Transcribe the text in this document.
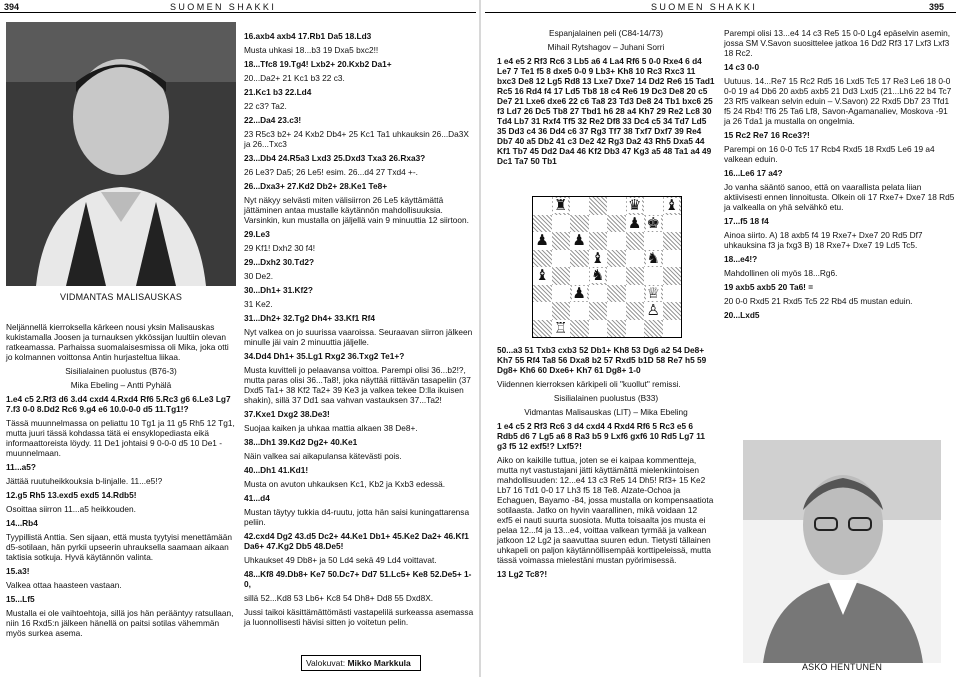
394	SUOMEN SHAKKI
VIDMANTAS MALISAUSKAS

Neljännellä kierroksella kärkeen nousi yksin Malisauskas kukistamalla Joosen ja turnauksen ykkössijan luultiin olevan ratkeamassa. Parhaissa suomalaisesmissa oli Mika, joka otti jo kolmannen voittonsa Antin hurjasteltua liikaa.

Sisilialainen puolustus (B76-3)

Mika Ebeling – Antti Pyhälä

1.e4 c5 2.Rf3 d6 3.d4 cxd4 4.Rxd4 Rf6 5.Rc3 g6 6.Le3 Lg7 7.f3 0-0 8.Dd2 Rc6 9.g4 e6 10.0-0-0 d5 11.Tg1!?

Tässä muunnelmassa on peliattu 10 Tg1 ja 11 g5 Rh5 12 Tg1, mutta juuri tässä kohdassa tätä ei ensyklopediasta eikä informaattoreista löydy. 11 De1 johtaisi 9 0-0-0 d5 10 De1 -muunnelmaan.

11...a5?

Jättää ruutuheikkouksia b-linjalle. 11...e5!?

12.g5 Rh5 13.exd5 exd5 14.Rdb5!

Osoittaa siirron 11...a5 heikkouden.

14...Rb4

Tyypillistä Anttia. Sen sijaan, että musta tyytyisi menettämään d5-sotilaan, hän pyrkii upseerin uhrauksella saamaan aikaan taktisia sotkuja. Hyvä käytännön valinta.

15.a3!

Valkea ottaa haasteen vastaan.

15...Lf5

Mustalla ei ole vaihtoehtoja, sillä jos hän perääntyy ratsullaan, niin 16 Rxd5:n jälkeen hänellä on paitsi sotilas vähemmän myös surkea asema.

16.axb4 axb4 17.Rb1 Da5 18.Ld3

Musta uhkasi 18...b3 19 Dxa5 bxc2!!

18...Tfc8 19.Tg4! Lxb2+ 20.Kxb2 Da1+

20...Da2+ 21 Kc1 b3 22 c3.

21.Kc1 b3 22.Ld4

22 c3? Ta2.

22...Da4 23.c3!

23 R5c3 b2+ 24 Kxb2 Db4+ 25 Kc1 Ta1 uhkauksin 26...Da3X ja 26...Txc3

23...Db4 24.R5a3 Lxd3 25.Dxd3 Txa3 26.Rxa3?

26 Le3? Da5; 26 Le5! esim. 26...d4 27 Txd4 +-.

26...Dxa3+ 27.Kd2 Db2+ 28.Ke1 Te8+

Nyt näkyy selvästi miten välisiirron 26 Le5 käyttämättä jättäminen antaa mustalle käytännön mahdollisuuksia. Varsinkin, kun mustalla on jäljellä vain 9 minuuttia 12 siirtoon.

29.Le3

29 Kf1! Dxh2 30 f4!

29...Dxh2 30.Td2?

30 De2.

30...Dh1+ 31.Kf2?

31 Ke2.

31...Dh2+ 32.Tg2 Dh4+ 33.Kf1 Rf4

Nyt valkea on jo suurissa vaaroissa. Seuraavan siirron jälkeen minulle jäi vain 2 minuuttia jäljelle.

34.Dd4 Dh1+ 35.Lg1 Rxg2 36.Txg2 Te1+?

Musta kuvitteli jo pelaavansa voittoa. Parempi olisi 36...b2!?, mutta paras olisi 36...Ta8!, joka näyttää riittävän tasapeliin (37 Dxd5 Ta1+ 38 Kf2 Ta2+ 39 Ke3 ja valkea tekee D:lla ikuisen shakin), sillä 37 Dd1 saa vahvan vastauksen 37...Ta2!

37.Kxe1 Dxg2 38.De3!

Suojaa kaiken ja uhkaa mattia alkaen 38 De8+.

38...Dh1 39.Kd2 Dg2+ 40.Ke1

Näin valkea sai aikapulansa kätevästi pois.

40...Dh1 41.Kd1!

Musta on avuton uhkauksen Kc1, Kb2 ja Kxb3 edessä.

41...d4

Mustan täytyy tukkia d4-ruutu, jotta hän saisi kuningattarensa peliin.

42.cxd4 Dg2 43.d5 Dc2+ 44.Ke1 Db1+ 45.Ke2 Da2+ 46.Kf1 Da6+ 47.Kg2 Db5 48.De5!

Uhkaukset 49 Db8+ ja 50 Ld4 sekä 49 Ld4 voittavat.

48...Kf8 49.Db8+ Ke7 50.Dc7+ Dd7 51.Lc5+ Ke8 52.De5+ 1-0,

sillä 52...Kd8 53 Lb6+ Kc8 54 Dh8+ Dd8 55 Dxd8X.

Jussi taikoi käsittämättömästi vastapelilä surkeassa asemassa ja luonnollisesti hävisi sitten jo voitetun pelin.

Valokuvat: Mikko Markkula
SUOMEN SHAKKI	395

Espanjalainen peli (C84-14/73)

Mihail Rytshagov – Juhani Sorri

1 e4 e5 2 Rf3 Rc6 3 Lb5 a6 4 La4 Rf6 5 0-0 Rxe4 6 d4 Le7 7 Te1 f5 8 dxe5 0-0 9 Lb3+ Kh8 10 Rc3 Rxc3 11 bxc3 De8 12 Lg5 Rd8 13 Lxe7 Dxe7 14 Dd2 Re6 15 Tad1 Rc5 16 Rd4 f4 17 Ld5 Tb8 18 c4 Re6 19 Dc3 De8 20 c5 De7 21 Lxe6 dxe6 22 c6 Ta8 23 Td3 De8 24 Tb1 bxc6 25 f3 Ld7 26 Dc5 Tb8 27 Tbd1 h6 28 a4 Kh7 29 Re2 Lc8 30 Td4 Lb7 31 Rxf4 Tf5 32 Re2 Df8 33 Dc4 c5 34 Td7 Ld5 35 Dd3 c4 36 Dd4 c6 37 Rg3 Tf7 38 Txf7 Dxf7 39 Re4 Db7 40 a5 Db2 41 c3 De2 42 Rg3 Da2 43 Rh5 Dxa5 44 Kf1 Tb7 45 Dd2 Da4 46 Kf2 Db3 47 Kg3 a5 48 Ta1 a4 49 Dc1 Ta7 50 Tb1

♜	♛ ♝
♟ ♚
♟ ♟
♝	♞
♝	♞
♟	♕
♙
♖

50...a3 51 Txb3 cxb3 52 Db1+ Kh8 53 Dg6 a2 54 De8+ Kh7 55 Rf4 Ta8 56 Dxa8 b2 57 Rxd5 b1D 58 Re7 h5 59 Dg8+ Kh6 60 Dxe6+ Kh7 61 Dg8+ 1-0

Viidennen kierroksen kärkipeli oli "kuollut" remissi.

Sisilialainen puolustus (B33)

Vidmantas Malisauskas (LIT) – Mika Ebeling

1 e4 c5 2 Rf3 Rc6 3 d4 cxd4 4 Rxd4 Rf6 5 Rc3 e5 6 Rdb5 d6 7 Lg5 a6 8 Ra3 b5 9 Lxf6 gxf6 10 Rd5 Lg7 11 g3 f5 12 exf5!? Lxf5?!

Aiko on kaikille tuttua, joten se ei kaipaa kommentteja, mutta nyt vastustajani jätti käyttämättä mielenkiintoisen mahdollisuuden: 12...e4 13 c3 Re5 14 Dh5! Rf3+ 15 Ke2 Lb7 16 Td1 0-0 17 Lh3 f5 18 Te8. Alzate-Ochoa ja Echaguen, Bayamo -84, jossa mustalla on kompensaatiota sotilaasta. Jatko on hyvin vaarallinen, mikä voidaan 12 exf5 ei nauti suurta suosiota. Mutta toisaalta jos musta ei pelaa 12...f4 ja 13...e4, voittaa valkean tyrmää ja valkean jatkoon 12 Lg2 ja saavuttaa suuren edun. Tietysti tällainen uhkapeli on paljon käytännöllisempää korttipeleissä, mutta tässä voimassa mielestäni mustan pyörimisessä.

13 Lg2 Tc8?!

Parempi olisi 13...e4 14 c3 Re5 15 0-0 Lg4 epäselvin asemin, jossa SM V.Savon suosittelee jatkoa 16 Dd2 Rf3 17 Lxf3 Lxf3 18 Rc2.

14 c3 0-0

Uutuus. 14...Re7 15 Rc2 Rd5 16 Lxd5 Tc5 17 Re3 Le6 18 0-0 0-0 19 a4 Db6 20 axb5 axb5 21 Dd3 Lxd5 (21...Lh6 22 b4 Tc7 23 Rf5 valkean selvin eduin – V.Savon) 22 Rxd5 Db7 23 Tfd1 f5 24 Rb4! Tf6 25 Ta6 Lf8, Savon-Agamanaliev, Moskova -91 ja 26 Tda1 ja mustalla on ongelmia.

15 Rc2 Re7 16 Rce3?!

Parempi on 16 0-0 Tc5 17 Rcb4 Rxd5 18 Rxd5 Le6 19 a4 valkean eduin.

16...Le6 17 a4?

Jo vanha sääntö sanoo, että on vaarallista pelata liian aktiivisesti ennen linnoitusta. Olkein oli 17 Rxe7+ Dxe7 18 Rd5 ja valkealla on yhä selvähkö etu.

17...f5 18 f4

Ainoa siirto. A) 18 axb5 f4 19 Rxe7+ Dxe7 20 Rd5 Df7 uhkauksina f3 ja fxg3 B) 18 Rxe7+ Dxe7 19 Ld5 Tc5.

18...e4!?

Mahdollinen oli myös 18...Rg6.

19 axb5 axb5 20 Ta6! =

20 0-0 Rxd5 21 Rxd5 Tc5 22 Rb4 d5 mustan eduin.

20...Lxd5

ASKO HENTUNEN
